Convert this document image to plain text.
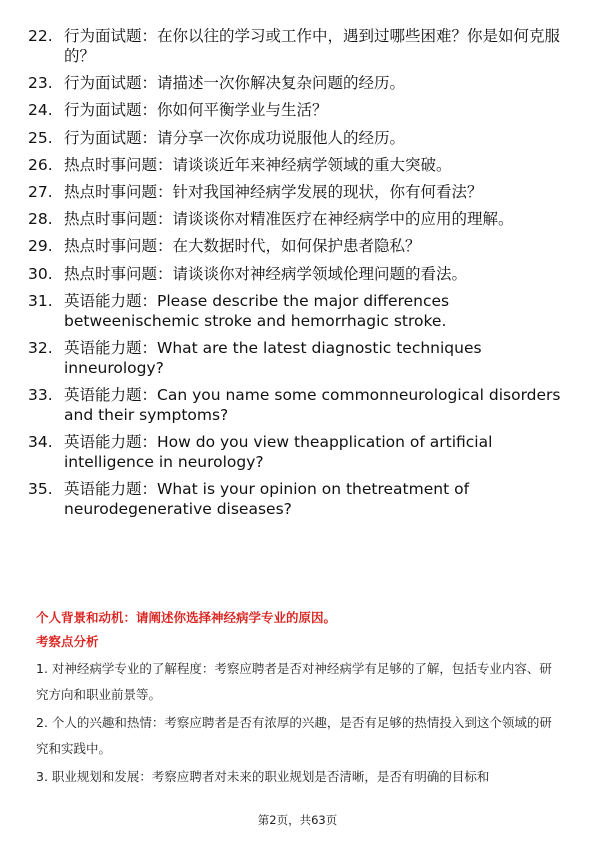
22. 行为面试题：在你以往的学习或工作中，遇到过哪些困难？你是如何克服的？
23. 行为面试题：请描述一次你解决复杂问题的经历。
24. 行为面试题：你如何平衡学业与生活？
25. 行为面试题：请分享一次你成功说服他人的经历。
26. 热点时事问题：请谈谈近年来神经病学领域的重大突破。
27. 热点时事问题：针对我国神经病学发展的现状，你有何看法？
28. 热点时事问题：请谈谈你对精准医疗在神经病学中的应用的理解。
29. 热点时事问题：在大数据时代，如何保护患者隐私？
30. 热点时事问题：请谈谈你对神经病学领域伦理问题的看法。
31. 英语能力题：Please describe the major differences betweenischemic stroke and hemorrhagic stroke.
32. 英语能力题：What are the latest diagnostic techniques inneurology?
33. 英语能力题：Can you name some commonneurological disorders and their symptoms?
34. 英语能力题：How do you view theapplication of artificial intelligence in neurology?
35. 英语能力题：What is your opinion on thetreatment of neurodegenerative diseases?
个人背景和动机：请阐述你选择神经病学专业的原因。
考察点分析
1. 对神经病学专业的了解程度：考察应聘者是否对神经病学有足够的了解，包括专业内容、研究方向和职业前景等。
2. 个人的兴趣和热情：考察应聘者是否有浓厚的兴趣，是否有足够的热情投入到这个领域的研究和实践中。
3. 职业规划和发展：考察应聘者对未来的职业规划是否清晰，是否有明确的目标和
第2页，共63页
